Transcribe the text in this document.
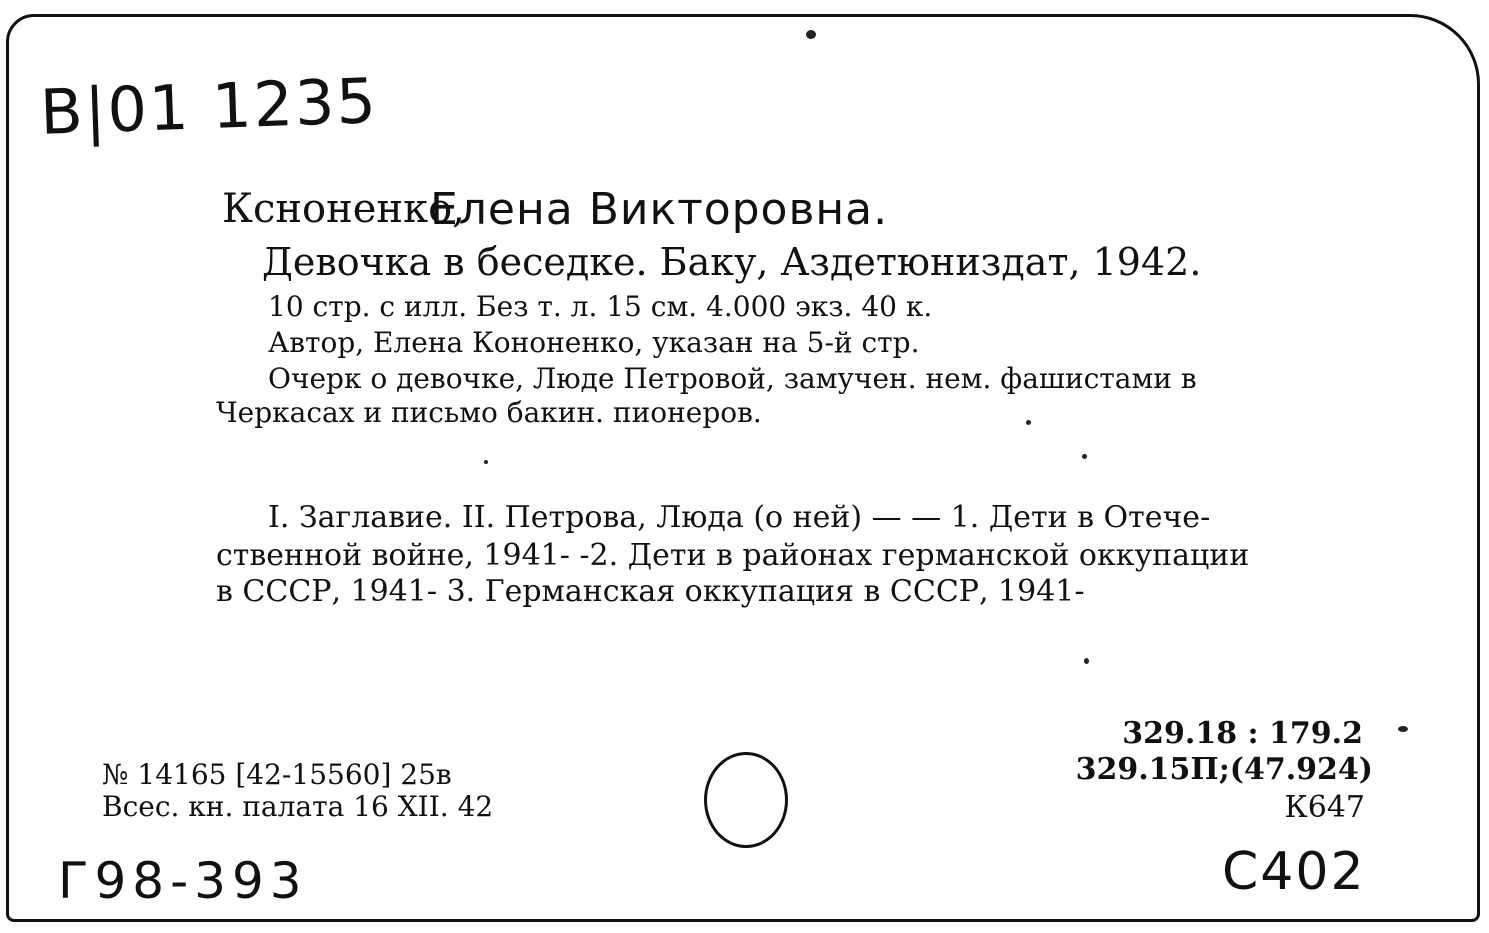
B|01 1235
Ксноненко,
Елена Викторовна.
Девочка в беседке. Баку, Аздетюниздат, 1942.
10 стр. с илл. Без т. л. 15 см. 4.000 экз. 40 к.
Автор, Елена Кононенко, указан на 5-й стр.
Очерк о девочке, Люде Петровой, замучен. нем. фашистами в
Черкасах и письмо бакин. пионеров.
I. Заглавие. II. Петрова, Люда (о ней) — — 1. Дети в Отече-
ственной войне, 1941- -2. Дети в районах германской оккупации
в СССР, 1941- 3. Германская оккупация в СССР, 1941-
№ 14165 [42-15560] 25в
Всес. кн. палата 16 XII. 42
329.18 : 179.2
329.15П;(47.924)
К647
Г98-393	С402
